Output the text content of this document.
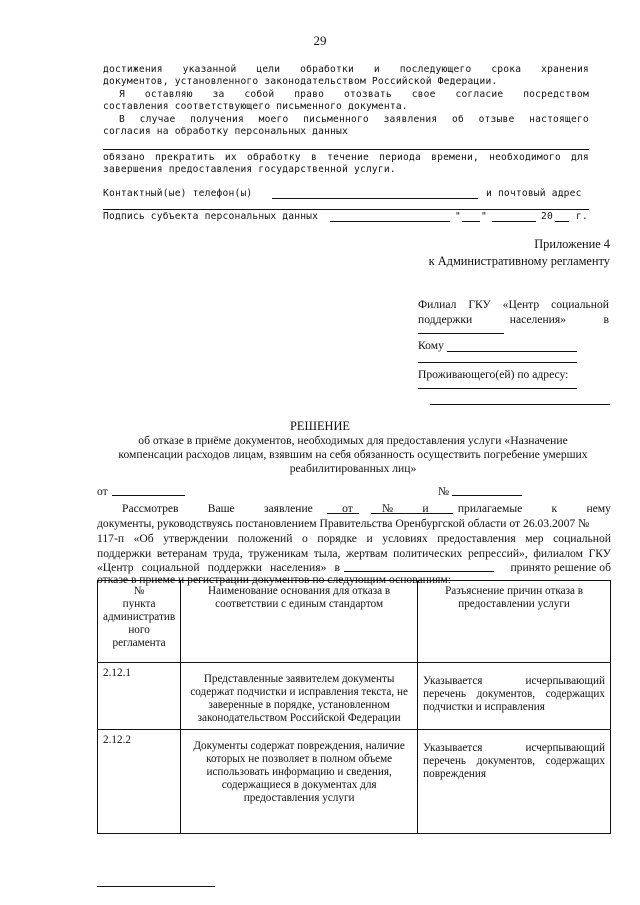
29
достижения указанной цели обработки и последующего срока хранения
документов, установленного законодательством Российской Федерации.
Я оставляю за собой право отозвать свое согласие посредством
составления соответствующего письменного документа.
В случае получения моего письменного заявления об отзыве настоящего
согласия на обработку персональных данных
обязано прекратить их обработку в течение периода времени, необходимого для
завершения предоставления государственной услуги.
Контактный(ые) телефон(ы)	и почтовый адрес
Подпись субъекта персональных данных	" "	20 г.
Приложение 4
к Административному регламенту
Филиал ГКУ «Центр социальной
поддержки	населения»	в
Кому
Проживающего(ей) по адресу:
РЕШЕНИЕ
об отказе в приёме документов, необходимых для предоставления услуги «Назначение компенсации расходов лицам, взявшим на себя обязанность осуществить погребение умерших реабилитированных лиц»
от	№
Рассмотрев	Ваше	заявление	от	№	и	прилагаемые	к	нему
документы, руководствуясь постановлением Правительства Оренбургской области от 26.03.2007 №
117-п «Об утверждении положений о порядке и условиях предоставления мер социальной
поддержки ветеранам труда, труженикам тыла, жертвам политических репрессий», филиалом ГКУ
«Центр социальной поддержки населения» в	принято решение об
отказе в приеме и регистрации документов по следующим основаниям:
№
пункта
административ
ного
регламента	Наименование основания для отказа в соответствии с единым стандартом	Разъяснение причин отказа в предоставлении услуги
2.12.1	Представленные заявителем документы содержат подчистки и исправления текста, не заверенные в порядке, установленном законодательством Российской Федерации	Указывается исчерпывающий перечень документов, содержащих подчистки и исправления
2.12.2	Документы содержат повреждения, наличие которых не позволяет в полном объеме использовать информацию и сведения, содержащиеся в документах для предоставления услуги	Указывается исчерпывающий перечень документов, содержащих повреждения
